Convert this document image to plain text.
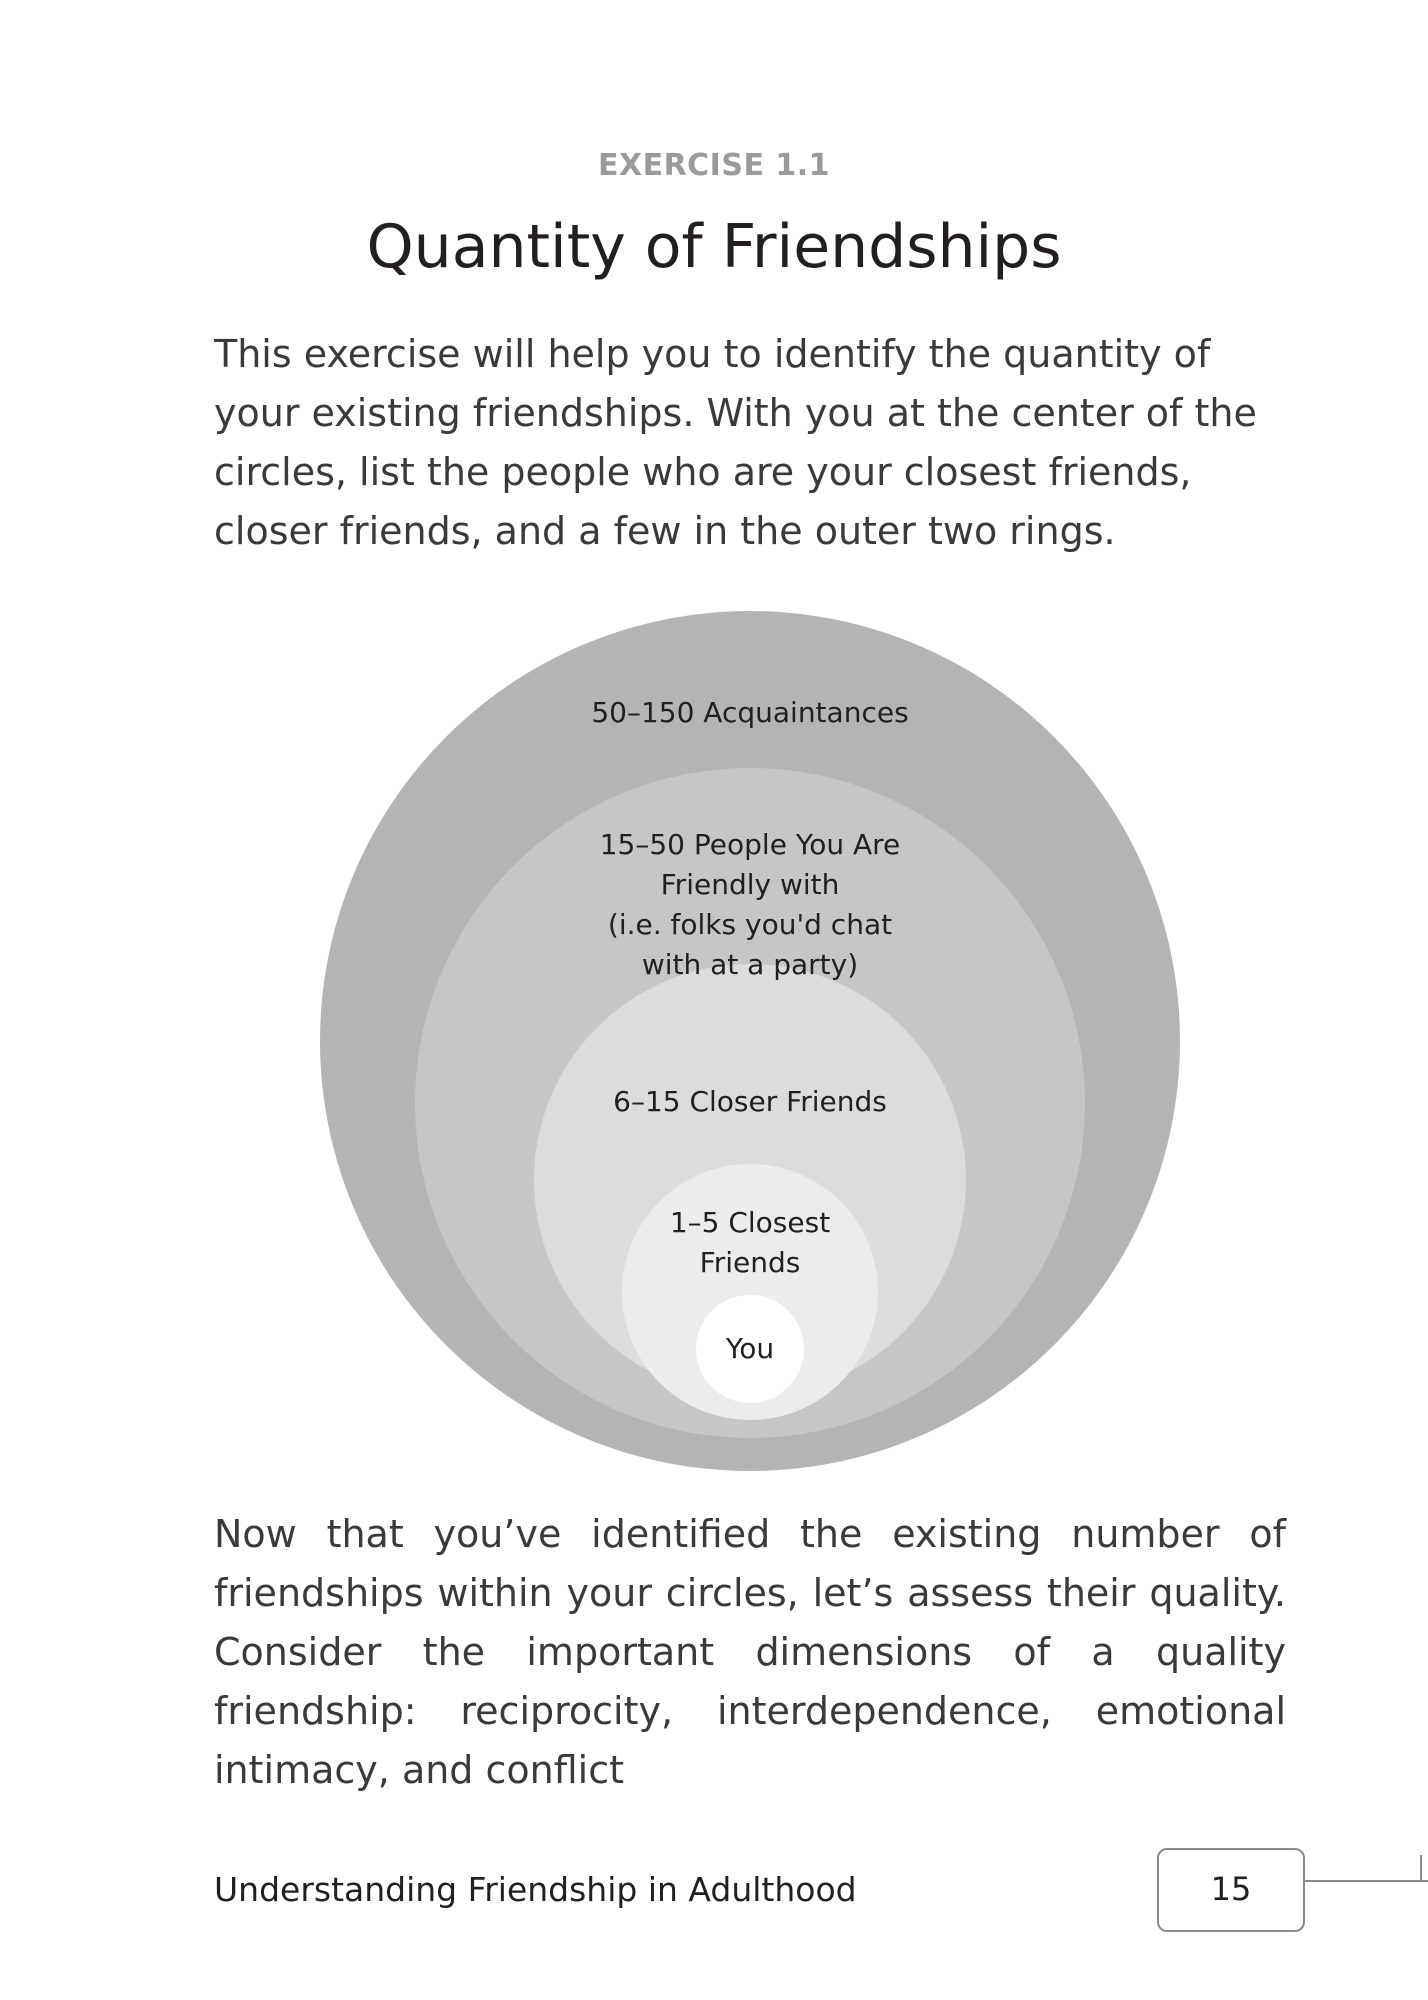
EXERCISE 1.1
Quantity of Friendships
This exercise will help you to identify the quantity of your existing friendships. With you at the center of the circles, list the people who are your closest friends, closer friends, and a few in the outer two rings.
50–150 Acquaintances
15–50 People You Are
Friendly with
(i.e. folks you'd chat
with at a party)
6–15 Closer Friends
1–5 Closest
Friends
You
Now that you’ve identified the existing number of friendships within your circles, let’s assess their quality. Consider the important dimensions of a quality friendship: reciprocity, interdependence, emotional intimacy, and conflict
Understanding Friendship in Adulthood	15
